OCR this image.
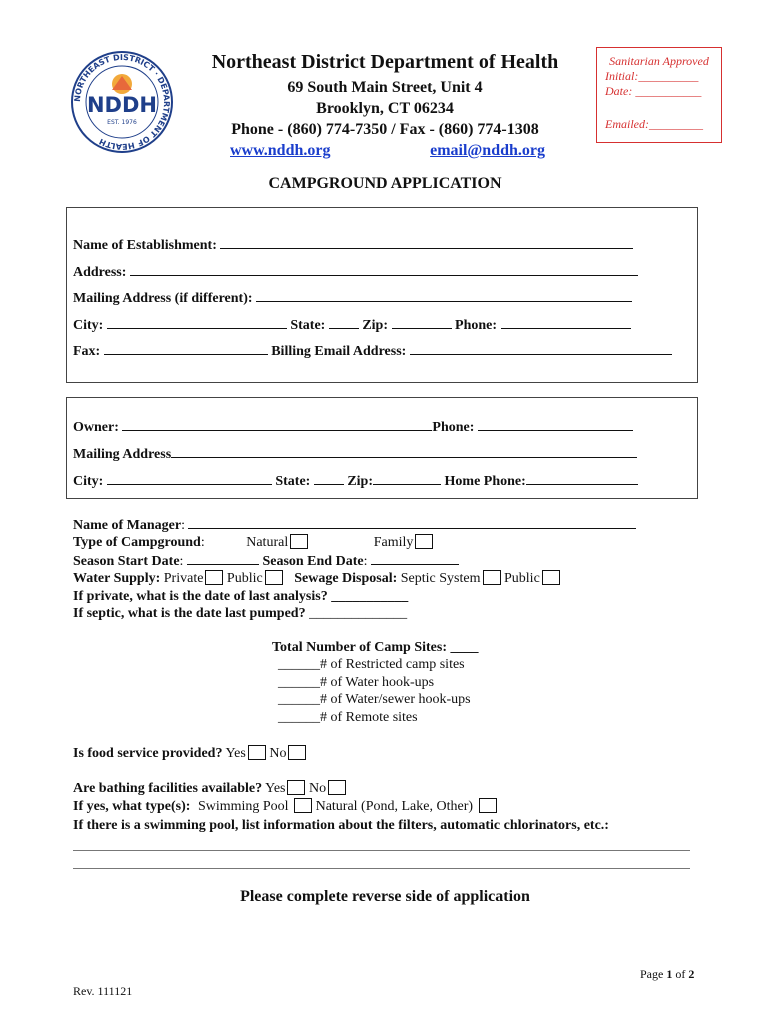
NORTHEAST DISTRICT · DEPARTMENT OF HEALTH
NDDH
EST. 1976
Northeast District Department of Health
69 South Main Street, Unit 4
Brooklyn, CT 06234
Phone - (860) 774-7350 / Fax - (860) 774-1308
www.nddh.org	email@nddh.org
Sanitarian Approved
Initial:__________
Date: ___________
Emailed:_________
CAMPGROUND APPLICATION
Name of Establishment:
Address:
Mailing Address (if different):
City:	State:	Zip:	Phone:
Fax:	Billing Email Address:
Owner:	Phone:
Mailing Address
City:	State:	Zip:	Home Phone:
Name of Manager:
Type of Campground:	Natural	Family
Season Start Date:	Season End Date:
Water Supply: Private Public Sewage Disposal: Septic System Public
If private, what is the date of last analysis? ___________
If septic, what is the date last pumped? ______________
Total Number of Camp Sites: ____
______# of Restricted camp sites
______# of Water hook-ups
______# of Water/sewer hook-ups
______# of Remote sites
Is food service provided? Yes No
Are bathing facilities available? Yes No
If yes, what type(s): Swimming Pool  Natural (Pond, Lake, Other)
If there is a swimming pool, list information about the filters, automatic chlorinators, etc.:
Please complete reverse side of application
Page 1 of 2
Rev. 111121
